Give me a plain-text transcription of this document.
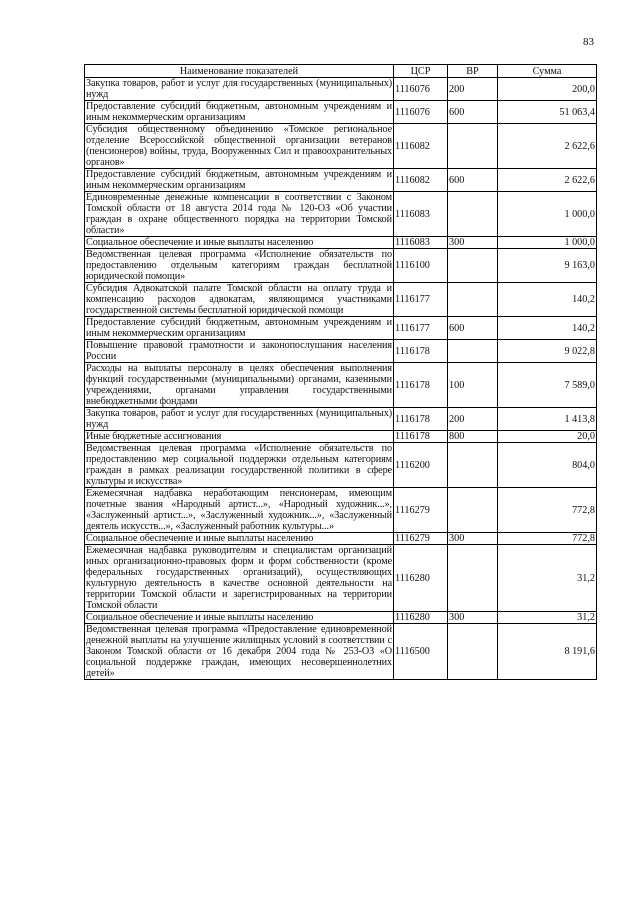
83
Наименование показателей	ЦСР	ВР	Сумма
Закупка товаров, работ и услуг для государственных (муниципальных) нужд	1116076	200	200,0
Предоставление субсидий бюджетным, автономным учреждениям и иным некоммерческим организациям	1116076	600	51 063,4
Субсидия общественному объединению «Томское региональное отделение Всероссийской общественной организации ветеранов (пенсионеров) войны, труда, Вооруженных Сил и правоохранительных органов»	1116082		2 622,6
Предоставление субсидий бюджетным, автономным учреждениям и иным некоммерческим организациям	1116082	600	2 622,6
Единовременные денежные компенсации в соответствии с Законом Томской области от 18 августа 2014 года № 120-ОЗ «Об участии граждан в охране общественного порядка на территории Томской области»	1116083		1 000,0
Социальное обеспечение и иные выплаты населению	1116083	300	1 000,0
Ведомственная целевая программа «Исполнение обязательств по предоставлению отдельным категориям граждан бесплатной юридической помощи»	1116100		9 163,0
Субсидия Адвокатской палате Томской области на оплату труда и компенсацию расходов адвокатам, являющимся участниками государственной системы бесплатной юридической помощи	1116177		140,2
Предоставление субсидий бюджетным, автономным учреждениям и иным некоммерческим организациям	1116177	600	140,2
Повышение правовой грамотности и законопослушания населения России	1116178		9 022,8
Расходы на выплаты персоналу в целях обеспечения выполнения функций государственными (муниципальными) органами, казенными учреждениями, органами управления государственными внебюджетными фондами	1116178	100	7 589,0
Закупка товаров, работ и услуг для государственных (муниципальных) нужд	1116178	200	1 413,8
Иные бюджетные ассигнования	1116178	800	20,0
Ведомственная целевая программа «Исполнение обязательств по предоставлению мер социальной поддержки отдельным категориям граждан в рамках реализации государственной политики в сфере культуры и искусства»	1116200		804,0
Ежемесячная надбавка неработающим пенсионерам, имеющим почетные звания «Народный артист...», «Народный художник...», «Заслуженный артист...», «Заслуженный художник...», «Заслуженный деятель искусств...», «Заслуженный работник культуры...»	1116279		772,8
Социальное обеспечение и иные выплаты населению	1116279	300	772,8
Ежемесячная надбавка руководителям и специалистам организаций иных организационно-правовых форм и форм собственности (кроме федеральных государственных организаций), осуществляющих культурную деятельность в качестве основной деятельности на территории Томской области и зарегистрированных на территории Томской области	1116280		31,2
Социальное обеспечение и иные выплаты населению	1116280	300	31,2
Ведомственная целевая программа «Предоставление единовременной денежной выплаты на улучшение жилищных условий в соответствии с Законом Томской области от 16 декабря 2004 года № 253-ОЗ «О социальной поддержке граждан, имеющих несовершеннолетних детей»	1116500		8 191,6
